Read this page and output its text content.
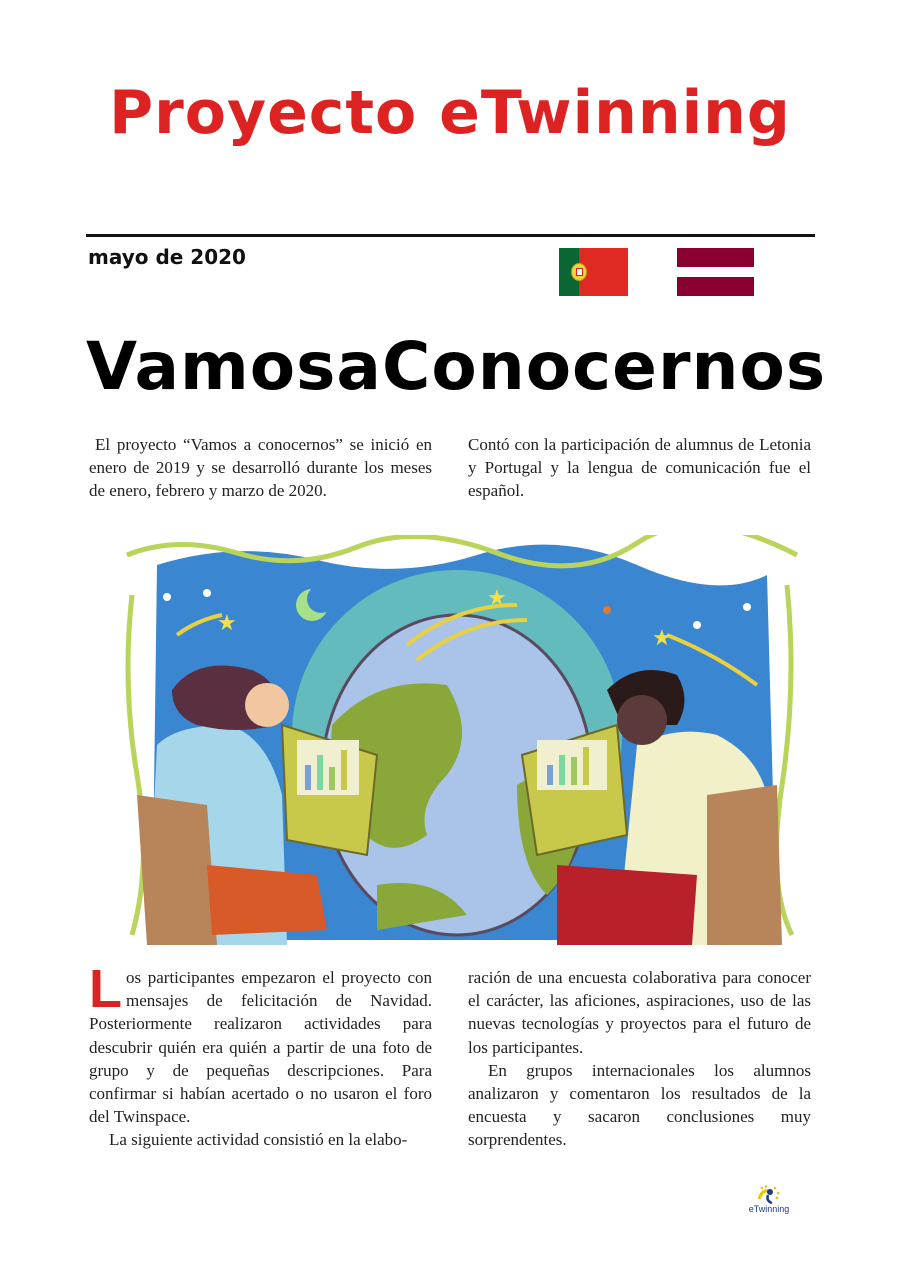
Proyecto eTwinning
mayo de 2020
Vamos a Conocernos

El proyecto “Vamos a conocernos” se inició en enero de 2019 y se desarrolló durante los meses de enero, febrero y marzo de 2020.

Contó con la participación de alumnus de Letonia y Portugal y la lengua de comunicación fue el español.

★
★
★

Los participantes empezaron el proyecto con mensajes de felicitación de Navidad. Posteriormente realizaron actividades para descubrir quién era quién a partir de una foto de grupo y de pequeñas descripciones. Para confirmar si habían acertado o no usaron el foro del Twinspace.

La siguiente actividad consistió en la elabo-

ración de una encuesta colaborativa para conocer el carácter, las aficiones, aspiraciones, uso de las nuevas tecnologías y proyectos para el futuro de los participantes.

En grupos internacionales los alumnos analizaron y comentaron los resultados de la encuesta y sacaron conclusiones muy sorprendentes.

eTwinning
